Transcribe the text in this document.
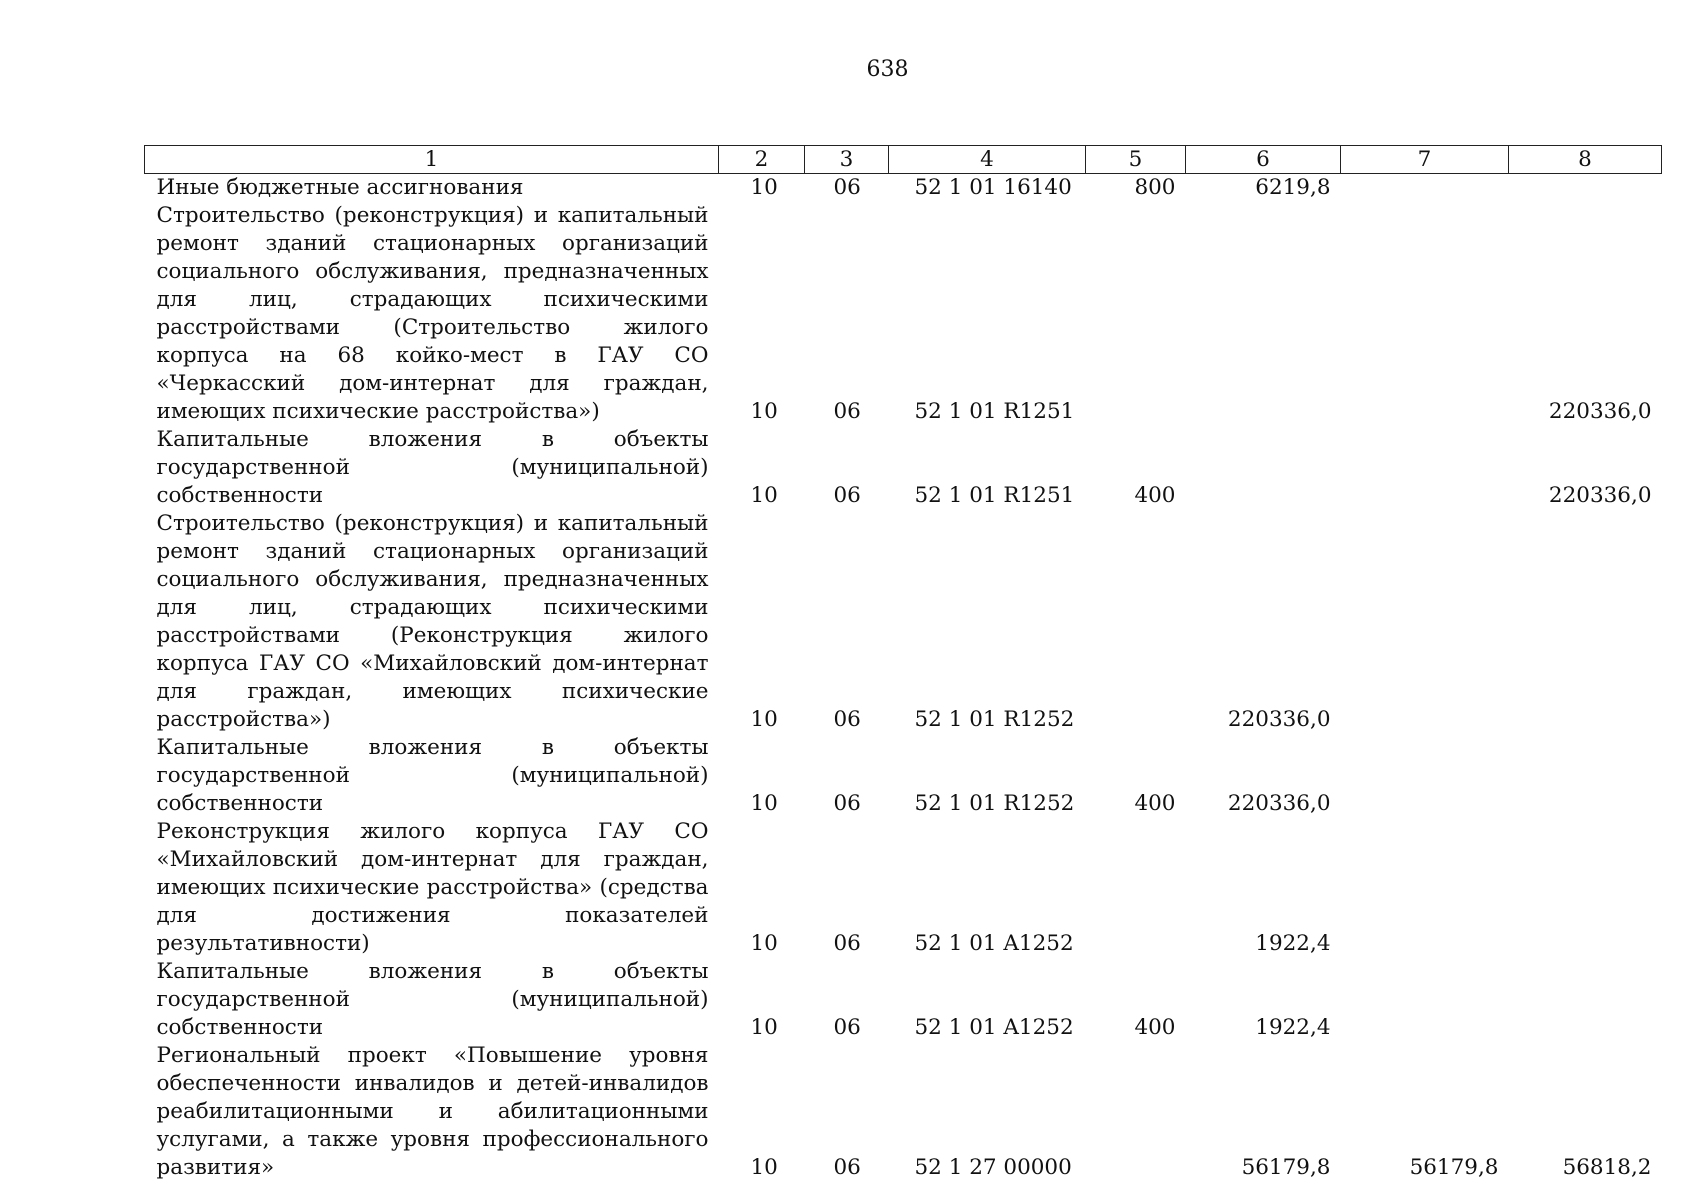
638
1	2	3	4	5	6	7	8
Иные бюджетные ассигнования	10	06	52 1 01 16140	800	6219,8		
Строительство (реконструкция) и капитальный ремонт зданий стационарных организаций социального обслуживания, предназначенных для лиц, страдающих психическими расстройствами (Строительство жилого корпуса на 68 койко-мест в ГАУ СО «Черкасский дом-интернат для граждан, имеющих психические расстройства»)	10	06	52 1 01 R1251				220336,0
Капитальные вложения в объекты государственной (муниципальной) собственности	10	06	52 1 01 R1251	400			220336,0
Строительство (реконструкция) и капитальный ремонт зданий стационарных организаций социального обслуживания, предназначенных для лиц, страдающих психическими расстройствами (Реконструкция жилого корпуса ГАУ СО «Михайловский дом-интернат для граждан, имеющих психические расстройства»)	10	06	52 1 01 R1252		220336,0		
Капитальные вложения в объекты государственной (муниципальной) собственности	10	06	52 1 01 R1252	400	220336,0		
Реконструкция жилого корпуса ГАУ СО «Михайловский дом-интернат для граждан, имеющих психические расстройства» (средства для достижения показателей результативности)	10	06	52 1 01 A1252		1922,4		
Капитальные вложения в объекты государственной (муниципальной) собственности	10	06	52 1 01 A1252	400	1922,4		
Региональный проект «Повышение уровня обеспеченности инвалидов и детей-инвалидов реабилитационными и абилитационными услугами, а также уровня профессионального развития»	10	06	52 1 27 00000		56179,8	56179,8	56818,2
